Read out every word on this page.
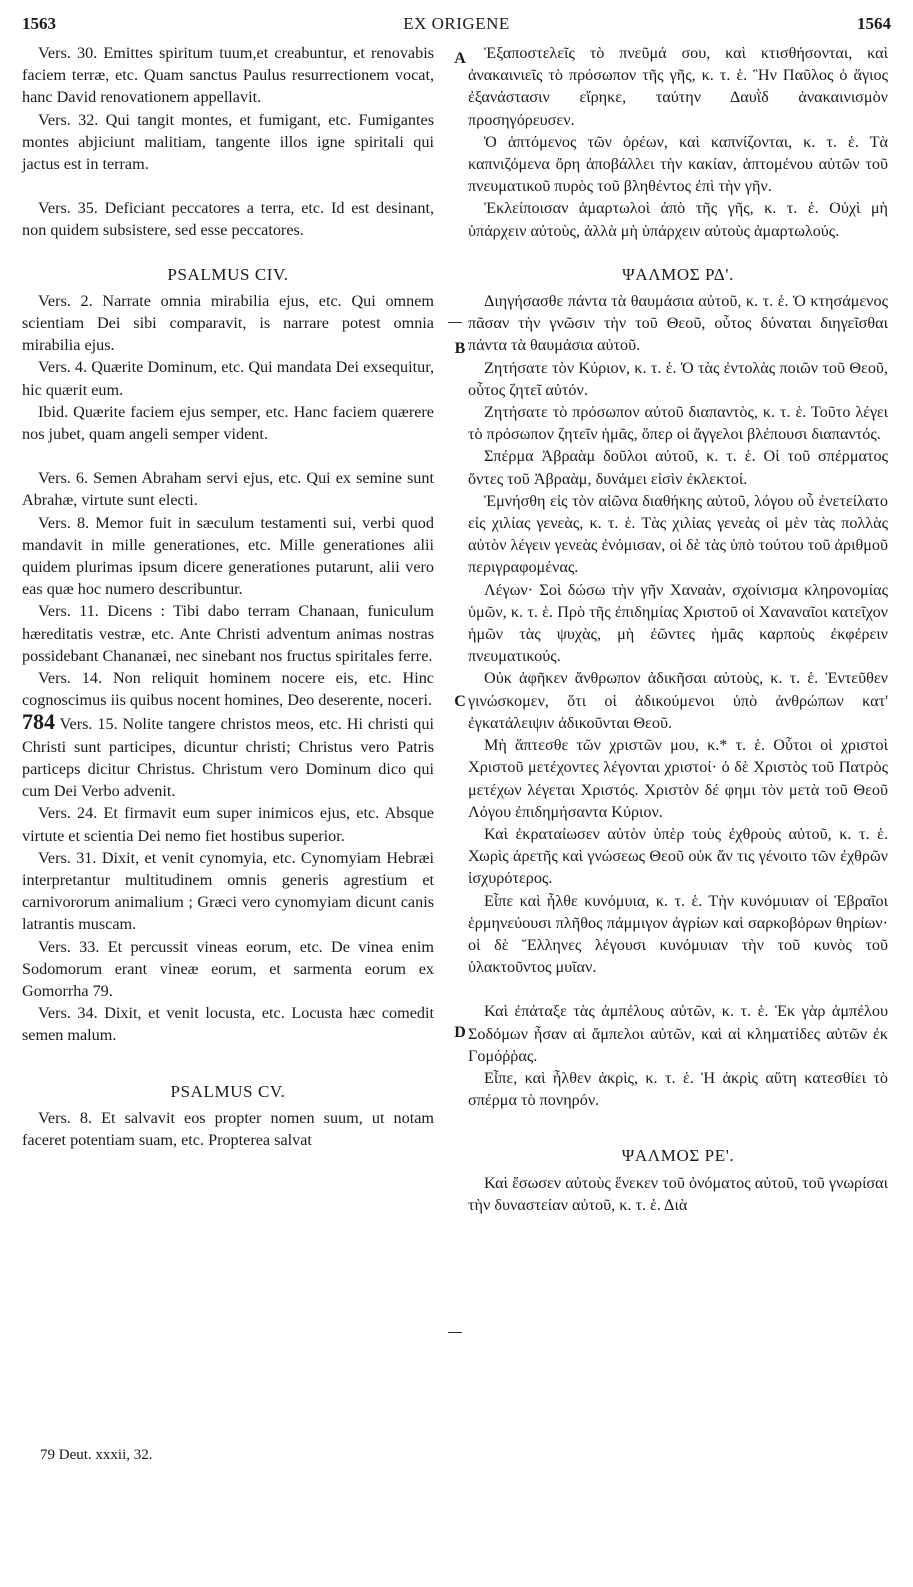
1563	EX ORIGENE	1564
A
B
C
D

Vers. 30. Emittes spiritum tuum,et creabuntur, et renovabis faciem terræ, etc. Quam sanctus Paulus resurrectionem vocat, hanc David renovationem appellavit.

Vers. 32. Qui tangit montes, et fumigant, etc. Fumigantes montes abjiciunt malitiam, tangente illos igne spiritali qui jactus est in terram.

Vers. 35. Deficiant peccatores a terra, etc. Id est desinant, non quidem subsistere, sed esse peccatores.

PSALMUS CIV.

Vers. 2. Narrate omnia mirabilia ejus, etc. Qui omnem scientiam Dei sibi comparavit, is narrare potest omnia mirabilia ejus.

Vers. 4. Quærite Dominum, etc. Qui mandata Dei exsequitur, hic quærit eum.

Ibid. Quærite faciem ejus semper, etc. Hanc faciem quærere nos jubet, quam angeli semper vident.

Vers. 6. Semen Abraham servi ejus, etc. Qui ex semine sunt Abrahæ, virtute sunt electi.

Vers. 8. Memor fuit in sæculum testamenti sui, verbi quod mandavit in mille generationes, etc. Mille generationes alii quidem plurimas ipsum dicere generationes putarunt, alii vero eas quæ hoc numero describuntur.

Vers. 11. Dicens : Tibi dabo terram Chanaan, funiculum hæreditatis vestræ, etc. Ante Christi adventum animas nostras possidebant Chananæi, nec sinebant nos fructus spiritales ferre.

Vers. 14. Non reliquit hominem nocere eis, etc. Hinc cognoscimus iis quibus nocent homines, Deo deserente, noceri.

784 Vers. 15. Nolite tangere christos meos, etc. Hi christi qui Christi sunt participes, dicuntur christi; Christus vero Patris particeps dicitur Christus. Christum vero Dominum dico qui cum Dei Verbo advenit.

Vers. 24. Et firmavit eum super inimicos ejus, etc. Absque virtute et scientia Dei nemo fiet hostibus superior.

Vers. 31. Dixit, et venit cynomyia, etc. Cynomyiam Hebræi interpretantur multitudinem omnis generis agrestium et carnivororum animalium ; Græci vero cynomyiam dicunt canis latrantis muscam.

Vers. 33. Et percussit vineas eorum, etc. De vinea enim Sodomorum erant vineæ eorum, et sarmenta eorum ex Gomorrha 79.

Vers. 34. Dixit, et venit locusta, etc. Locusta hæc comedit semen malum.

PSALMUS CV.

Vers. 8. Et salvavit eos propter nomen suum, ut notam faceret potentiam suam, etc. Propterea salvat

Ἐξαποστελεῖς τὸ πνεῦμά σου, καὶ κτισθήσονται, καὶ ἀνακαινιεῖς τὸ πρόσωπον τῆς γῆς, κ. τ. ἑ. Ἣν Παῦλος ὁ ἅγιος ἐξανάστασιν εἴρηκε, ταύτην Δαυῒδ ἀνακαινισμὸν προσηγόρευσεν.

Ὁ ἁπτόμενος τῶν ὀρέων, καὶ καπνίζονται, κ. τ. ἑ. Τὰ καπνιζόμενα ὄρη ἀποβάλλει τὴν κακίαν, ἁπτομένου αὐτῶν τοῦ πνευματικοῦ πυρὸς τοῦ βληθέντος ἐπὶ τὴν γῆν.

Ἐκλείποισαν ἁμαρτωλοὶ ἀπὸ τῆς γῆς, κ. τ. ἑ. Οὐχὶ μὴ ὑπάρχειν αὐτοὺς, ἀλλὰ μὴ ὑπάρχειν αὐτοὺς ἁμαρτωλούς.

ΨΑΛΜΟΣ ΡΔ'.

Διηγήσασθε πάντα τὰ θαυμάσια αὐτοῦ, κ. τ. ἑ. Ὁ κτησάμενος πᾶσαν τὴν γνῶσιν τὴν τοῦ Θεοῦ, οὗτος δύναται διηγεῖσθαι πάντα τὰ θαυμάσια αὐτοῦ.

Ζητήσατε τὸν Κύριον, κ. τ. ἑ. Ὁ τὰς ἐντολὰς ποιῶν τοῦ Θεοῦ, οὗτος ζητεῖ αὐτόν.

Ζητήσατε τὸ πρόσωπον αὐτοῦ διαπαντὸς, κ. τ. ἑ. Τοῦτο λέγει τὸ πρόσωπον ζητεῖν ἡμᾶς, ὅπερ οἱ ἄγγελοι βλέπουσι διαπαντός.

Σπέρμα Ἀβραὰμ δοῦλοι αὐτοῦ, κ. τ. ἑ. Οἱ τοῦ σπέρματος ὄντες τοῦ Ἀβραὰμ, δυνάμει εἰσὶν ἐκλεκτοί.

Ἐμνήσθη εἰς τὸν αἰῶνα διαθήκης αὐτοῦ, λόγου οὗ ἐνετείλατο εἰς χιλίας γενεὰς, κ. τ. ἑ. Τὰς χιλίας γενεὰς οἱ μὲν τὰς πολλὰς αὐτὸν λέγειν γενεὰς ἐνόμισαν, οἱ δὲ τὰς ὑπὸ τούτου τοῦ ἀριθμοῦ περιγραφομένας.

Λέγων· Σοὶ δώσω τὴν γῆν Χαναὰν, σχοίνισμα κληρονομίας ὑμῶν, κ. τ. ἑ. Πρὸ τῆς ἐπιδημίας Χριστοῦ οἱ Χαναναῖοι κατεῖχον ἡμῶν τὰς ψυχὰς, μὴ ἐῶντες ἡμᾶς καρποὺς ἐκφέρειν πνευματικούς.

Οὐκ ἀφῆκεν ἄνθρωπον ἀδικῆσαι αὐτοὺς, κ. τ. ἑ. Ἐντεῦθεν γινώσκομεν, ὅτι οἱ ἀδικούμενοι ὑπὸ ἀνθρώπων κατ' ἐγκατάλειψιν ἀδικοῦνται Θεοῦ.

Μὴ ἅπτεσθε τῶν χριστῶν μου, κ.* τ. ἑ. Οὗτοι οἱ χριστοὶ Χριστοῦ μετέχοντες λέγονται χριστοί· ὁ δὲ Χριστὸς τοῦ Πατρὸς μετέχων λέγεται Χριστός. Χριστὸν δέ φημι τὸν μετὰ τοῦ Θεοῦ Λόγου ἐπιδημήσαντα Κύριον.

Καὶ ἐκραταίωσεν αὐτὸν ὑπὲρ τοὺς ἐχθροὺς αὐτοῦ, κ. τ. ἑ. Χωρὶς ἀρετῆς καὶ γνώσεως Θεοῦ οὐκ ἄν τις γένοιτο τῶν ἐχθρῶν ἰσχυρότερος.

Εἶπε καὶ ἦλθε κυνόμυια, κ. τ. ἑ. Τὴν κυνόμυιαν οἱ Ἑβραῖοι ἑρμηνεύουσι πλῆθος πάμμιγον ἀγρίων καὶ σαρκοβόρων θηρίων· οἱ δὲ Ἕλληνες λέγουσι κυνόμυιαν τὴν τοῦ κυνὸς τοῦ ὑλακτοῦντος μυῖαν.

Καὶ ἐπάταξε τὰς ἀμπέλους αὐτῶν, κ. τ. ἑ. Ἐκ γὰρ ἀμπέλου Σοδόμων ἦσαν αἱ ἄμπελοι αὐτῶν, καὶ αἱ κληματίδες αὐτῶν ἐκ Γομόῤῥας.

Εἶπε, καὶ ἦλθεν ἀκρὶς, κ. τ. ἑ. Ἡ ἀκρὶς αὕτη κατεσθίει τὸ σπέρμα τὸ πονηρόν.

ΨΑΛΜΟΣ ΡΕ'.

Καὶ ἔσωσεν αὐτοὺς ἕνεκεν τοῦ ὀνόματος αὐτοῦ, τοῦ γνωρίσαι τὴν δυναστείαν αὐτοῦ, κ. τ. ἑ. Διὰ

79 Deut. xxxii, 32.
